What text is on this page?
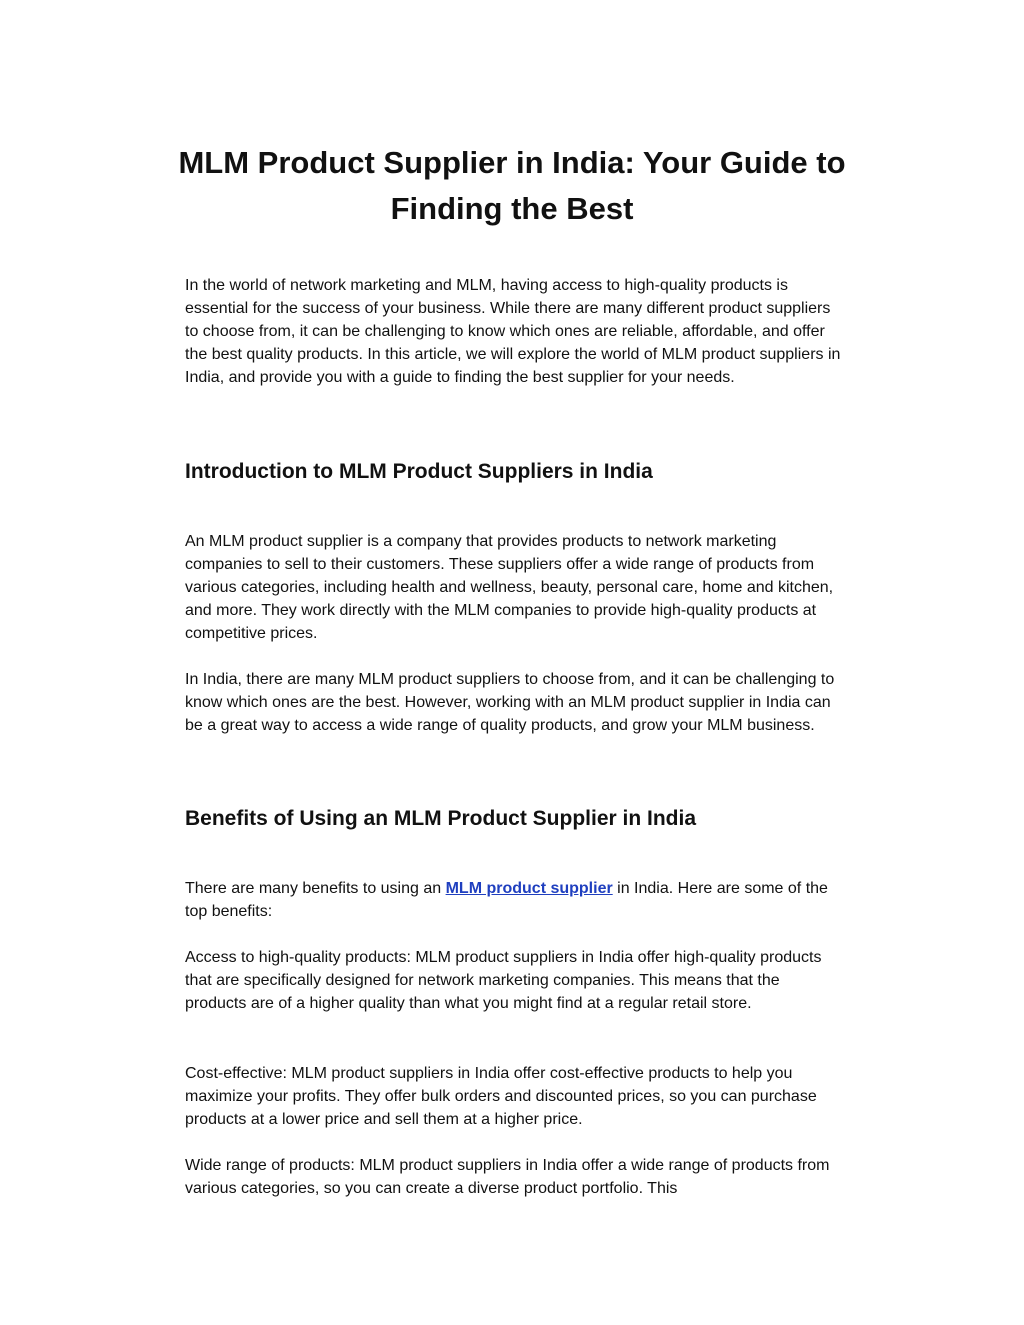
MLM Product Supplier in India: Your Guide to Finding the Best

In the world of network marketing and MLM, having access to high-quality products is essential for the success of your business. While there are many different product suppliers to choose from, it can be challenging to know which ones are reliable, affordable, and offer the best quality products. In this article, we will explore the world of MLM product suppliers in India, and provide you with a guide to finding the best supplier for your needs.

Introduction to MLM Product Suppliers in India

An MLM product supplier is a company that provides products to network marketing companies to sell to their customers. These suppliers offer a wide range of products from various categories, including health and wellness, beauty, personal care, home and kitchen, and more. They work directly with the MLM companies to provide high-quality products at competitive prices.

In India, there are many MLM product suppliers to choose from, and it can be challenging to know which ones are the best. However, working with an MLM product supplier in India can be a great way to access a wide range of quality products, and grow your MLM business.

Benefits of Using an MLM Product Supplier in India

There are many benefits to using an MLM product supplier in India. Here are some of the top benefits:

Access to high-quality products: MLM product suppliers in India offer high-quality products that are specifically designed for network marketing companies. This means that the products are of a higher quality than what you might find at a regular retail store.

Cost-effective: MLM product suppliers in India offer cost-effective products to help you maximize your profits. They offer bulk orders and discounted prices, so you can purchase products at a lower price and sell them at a higher price.

Wide range of products: MLM product suppliers in India offer a wide range of products from various categories, so you can create a diverse product portfolio. This
